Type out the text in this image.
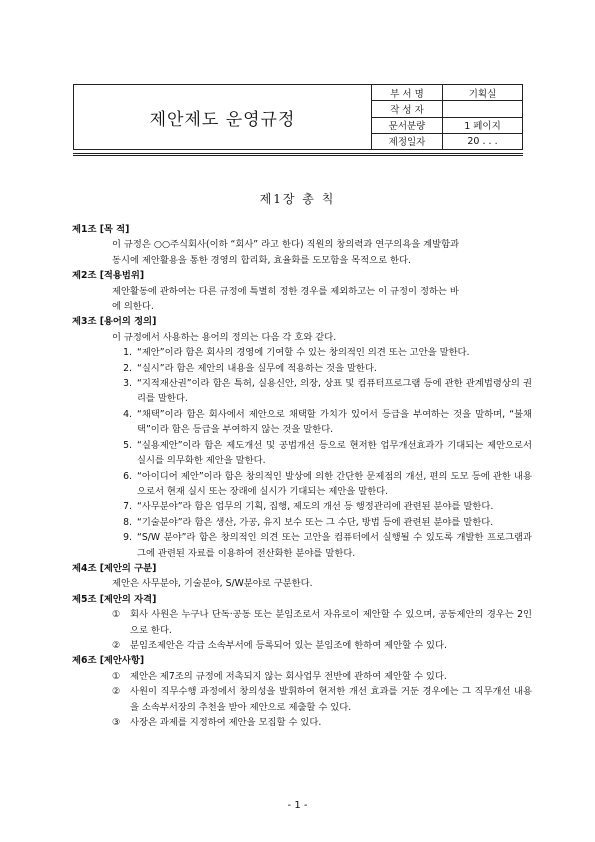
제안제도 운영규정
부 서 명	기획실
작 성 자
문서분량	1 페이지
제정일자	20 . . .
제1장 총 칙
제1조 [목 적]
이 규정은 ○○주식회사(이하 “회사” 라고 한다) 직원의 창의력과 연구의욕을 계발함과
동시에 제안활용을 통한 경영의 합리화, 효율화를 도모함을 목적으로 한다.
제2조 [적용범위]
제안활동에 관하여는 다른 규정에 특별히 정한 경우를 제외하고는 이 규정이 정하는 바
에 의한다.
제3조 [용어의 정의]
이 규정에서 사용하는 용어의 정의는 다음 각 호와 같다.
1. “제안”이라 함은 회사의 경영에 기여할 수 있는 창의적인 의견 또는 고안을 말한다.
2. “실시”라 함은 제안의 내용을 실무에 적용하는 것을 말한다.
3. “지적재산권”이라 함은 특허, 실용신안, 의장, 상표 및 컴퓨터프로그램 등에 관한 관계법령상의 권리를 말한다.
4. “채택”이라 함은 회사에서 제안으로 채택할 가치가 있어서 등급을 부여하는 것을 말하며, “불채택”이라 함은 등급을 부여하지 않는 것을 말한다.
5. “실용제안”이라 함은 제도개선 및 공법개선 등으로 현저한 업무개선효과가 기대되는 제안으로서 실시를 의무화한 제안을 말한다.
6. “아이디어 제안”이라 함은 창의적인 발상에 의한 간단한 문제점의 개선, 편의 도모 등에 관한 내용으로서 현재 실시 또는 장래에 실시가 기대되는 제안을 말한다.
7. “사무분야”라 함은 업무의 기획, 집행, 제도의 개선 등 행정관리에 관련된 분야를 말한다.
8. “기술분야”라 함은 생산, 가공, 유지 보수 또는 그 수단, 방법 등에 관련된 분야를 말한다.
9. “S/W 분야”라 함은 창의적인 의견 또는 고안을 컴퓨터에서 실행될 수 있도록 개발한 프로그램과 그에 관련된 자료를 이용하여 전산화한 분야를 말한다.
제4조 [제안의 구분]
제안은 사무분야, 기술분야, S/W분야로 구분한다.
제5조 [제안의 자격]
①	회사 사원은 누구나 단독·공동 또는 분임조로서 자유로이 제안할 수 있으며, 공동제안의 경우는 2인으로 한다.
②	분임조제안은 각급 소속부서에 등록되어 있는 분임조에 한하여 제안할 수 있다.
제6조 [제안사항]
①	제안은 제7조의 규정에 저촉되지 않는 회사업무 전반에 관하여 제안할 수 있다.
②	사원이 직무수행 과정에서 창의성을 발휘하여 현저한 개선 효과를 거둔 경우에는 그 직무개선 내용을 소속부서장의 추천을 받아 제안으로 제출할 수 있다.
③	사장은 과제를 지정하여 제안을 모집할 수 있다.
- 1 -
